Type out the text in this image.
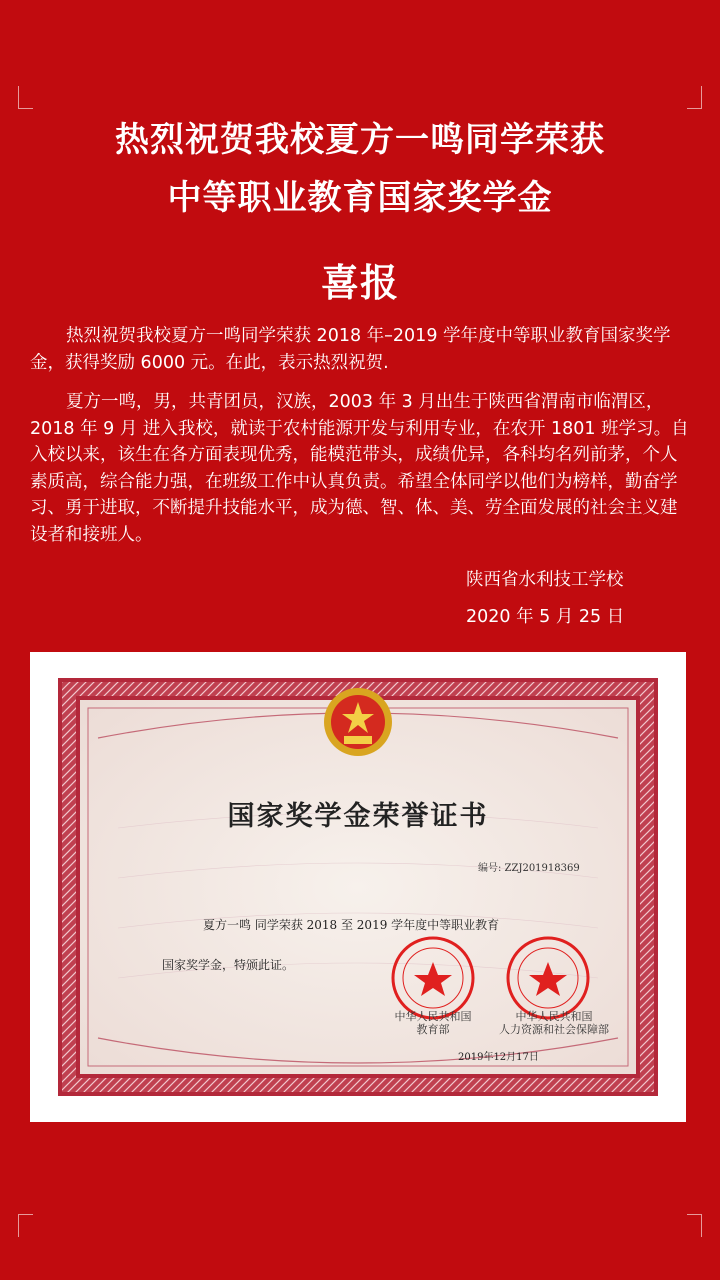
热烈祝贺我校夏方一鸣同学荣获
中等职业教育国家奖学金
喜报
热烈祝贺我校夏方一鸣同学荣获 2018 年–2019 学年度中等职业教育国家奖学金，获得奖励 6000 元。在此，表示热烈祝贺.
夏方一鸣，男，共青团员，汉族，2003 年 3 月出生于陕西省渭南市临渭区，2018 年 9 月 进入我校，就读于农村能源开发与利用专业，在农开 1801 班学习。自入校以来，该生在各方面表现优秀，能模范带头，成绩优异，各科均名列前茅，个人素质高，综合能力强，在班级工作中认真负责。希望全体同学以他们为榜样，勤奋学习、勇于进取，不断提升技能水平，成为德、智、体、美、劳全面发展的社会主义建设者和接班人。
陕西省水利技工学校
2020 年 5 月 25 日
国家奖学金荣誉证书
编号: ZZJ201918369
夏方一鸣 同学荣获 2018 至 2019 学年度中等职业教育
国家奖学金，特颁此证。
中华人民共和国
教育部
中华人民共和国
人力资源和社会保障部
2019年12月17日
